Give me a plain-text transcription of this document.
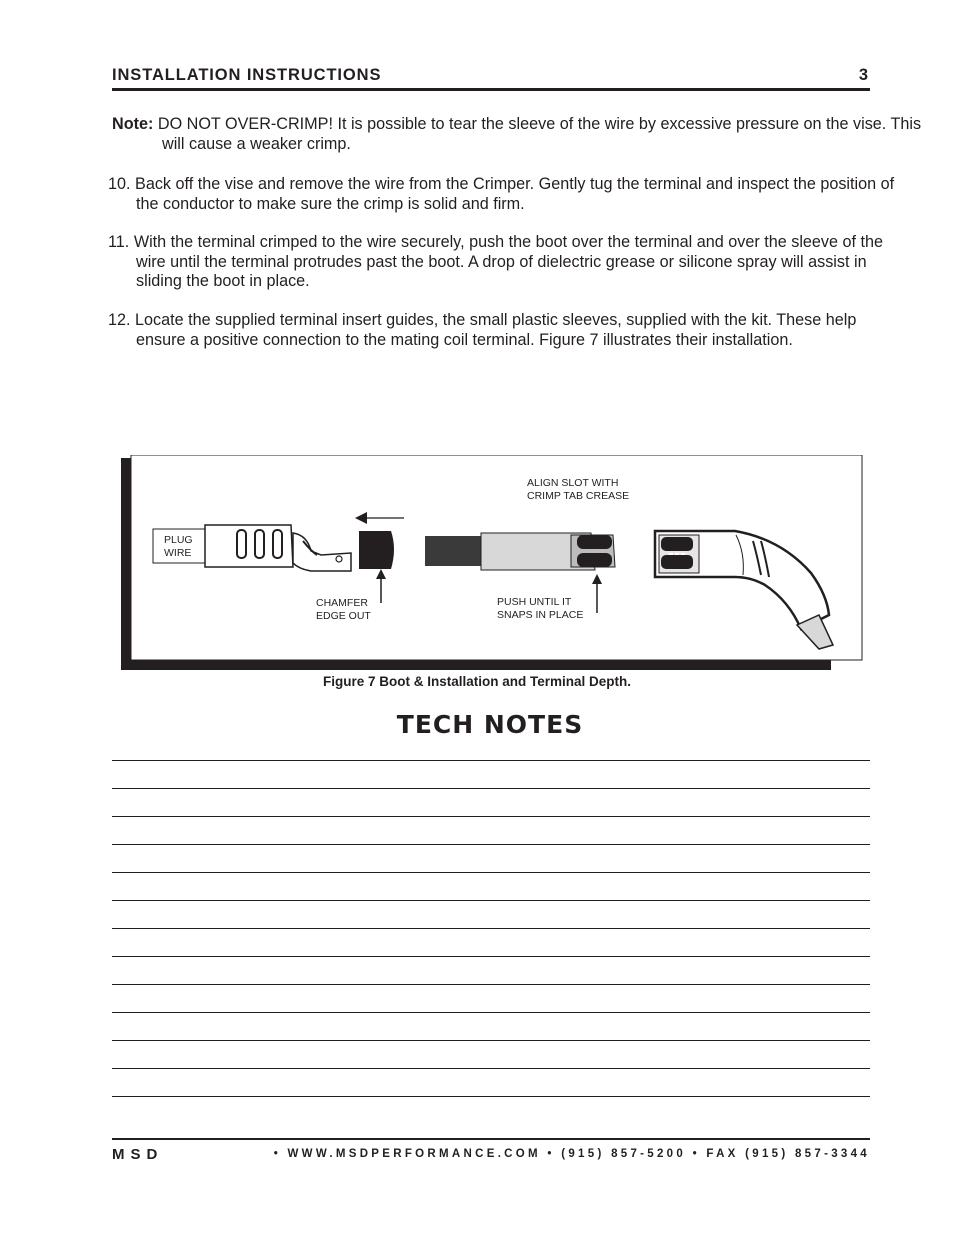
INSTALLATION INSTRUCTIONS	3
Note: DO NOT OVER-CRIMP! It is possible to tear the sleeve of the wire by excessive pressure on the vise. This will cause a weaker crimp.
10. Back off the vise and remove the wire from the Crimper. Gently tug the terminal and inspect the position of the conductor to make sure the crimp is solid and firm.
11. With the terminal crimped to the wire securely, push the boot over the terminal and over the sleeve of the wire until the terminal protrudes past the boot. A drop of dielectric grease or silicone spray will assist in sliding the boot in place.
12. Locate the supplied terminal insert guides, the small plastic sleeves, supplied with the kit. These help ensure a positive connection to the mating coil terminal. Figure 7 illustrates their installation.
PLUG
WIRE
CHAMFER
EDGE OUT
ALIGN SLOT WITH
CRIMP TAB CREASE
PUSH UNTIL IT
SNAPS IN PLACE
Figure 7 Boot & Installation and Terminal Depth.
TECH NOTES
MSD	• WWW.MSDPERFORMANCE.COM • (915) 857-5200 • FAX (915) 857-3344
